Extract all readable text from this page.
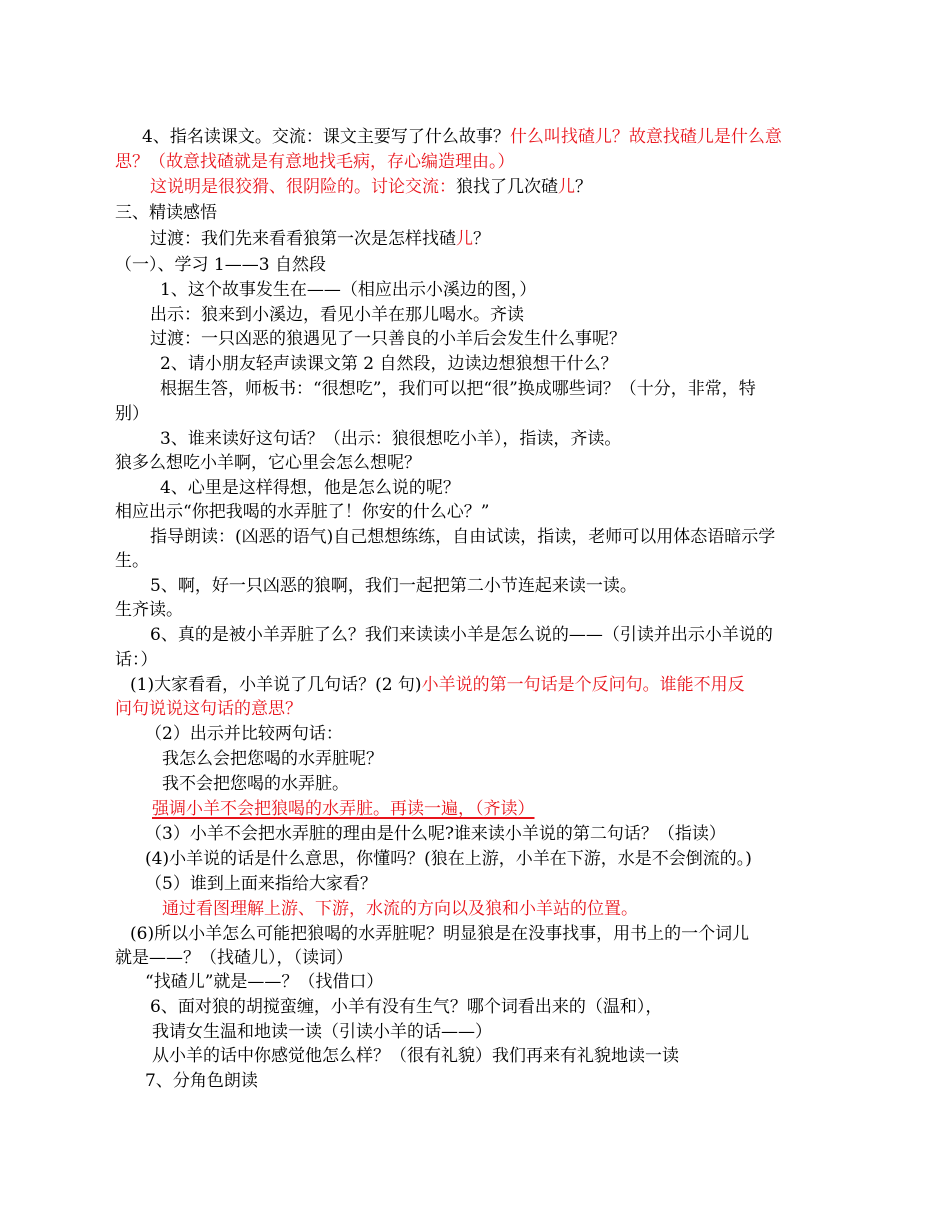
4、指名读课文。交流：课文主要写了什么故事？什么叫找碴儿？故意找碴儿是什么意
思？（故意找碴就是有意地找毛病，存心编造理由。）
这说明是很狡猾、很阴险的。讨论交流：狼找了几次碴儿？
三、精读感悟
过渡：我们先来看看狼第一次是怎样找碴儿？
（一）、学习 1——3 自然段
1、这个故事发生在——（相应出示小溪边的图，）
出示：狼来到小溪边，看见小羊在那儿喝水。齐读
过渡：一只凶恶的狼遇见了一只善良的小羊后会发生什么事呢？
2、请小朋友轻声读课文第 2 自然段，边读边想狼想干什么？
根据生答，师板书：“很想吃”，我们可以把“很”换成哪些词？（十分，非常，特
别）
3、谁来读好这句话？（出示：狼很想吃小羊），指读，齐读。
狼多么想吃小羊啊，它心里会怎么想呢？
4、心里是这样得想，他是怎么说的呢？
相应出示“你把我喝的水弄脏了！你安的什么心？”
指导朗读：(凶恶的语气)自己想想练练，自由试读，指读，老师可以用体态语暗示学
生。
5、啊，好一只凶恶的狼啊，我们一起把第二小节连起来读一读。
生齐读。
6、真的是被小羊弄脏了么？我们来读读小羊是怎么说的——（引读并出示小羊说的
话：）
(1)大家看看，小羊说了几句话？(2 句)小羊说的第一句话是个反问句。谁能不用反
问句说说这句话的意思？
（2）出示并比较两句话：
我怎么会把您喝的水弄脏呢？
我不会把您喝的水弄脏。
强调小羊不会把狼喝的水弄脏。再读一遍，（齐读）
（3）小羊不会把水弄脏的理由是什么呢?谁来读小羊说的第二句话？（指读）
(4)小羊说的话是什么意思，你懂吗？(狼在上游，小羊在下游，水是不会倒流的。)
（5）谁到上面来指给大家看？
通过看图理解上游、下游，水流的方向以及狼和小羊站的位置。
(6)所以小羊怎么可能把狼喝的水弄脏呢？明显狼是在没事找事，用书上的一个词儿
就是——？（找碴儿），（读词）
“找碴儿”就是——？（找借口）
6、面对狼的胡搅蛮缠，小羊有没有生气？哪个词看出来的（温和），
我请女生温和地读一读（引读小羊的话——）
从小羊的话中你感觉他怎么样？（很有礼貌）我们再来有礼貌地读一读
7、分角色朗读
